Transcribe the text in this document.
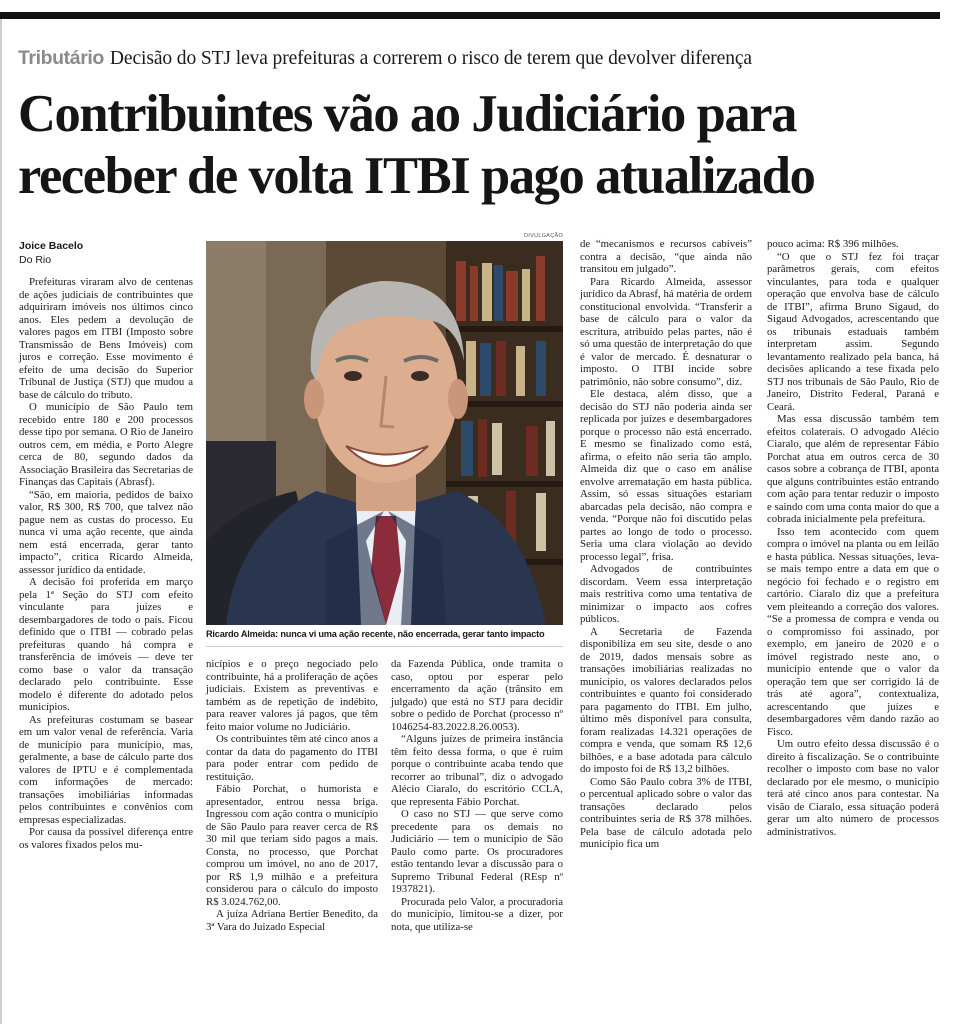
Tributário Decisão do STJ leva prefeituras a correrem o risco de terem que devolver diferença
Contribuintes vão ao Judiciário para receber de volta ITBI pago atualizado
Joice Bacelo
Do Rio

Prefeituras viraram alvo de centenas de ações judiciais de contribuintes que adquiriram imóveis nos últimos cinco anos. Eles pedem a devolução de valores pagos em ITBI (Imposto sobre Transmissão de Bens Imóveis) com juros e correção. Esse movimento é efeito de uma decisão do Superior Tribunal de Justiça (STJ) que mudou a base de cálculo do tributo.

O município de São Paulo tem recebido entre 180 e 200 processos desse tipo por semana. O Rio de Janeiro outros cem, em média, e Porto Alegre cerca de 80, segundo dados da Associação Brasileira das Secretarias de Finanças das Capitais (Abrasf).

“São, em maioria, pedidos de baixo valor, R$ 300, R$ 700, que talvez não pague nem as custas do processo. Eu nunca vi uma ação recente, que ainda nem está encerrada, gerar tanto impacto”, critica Ricardo Almeida, assessor jurídico da entidade.

A decisão foi proferida em março pela 1ª Seção do STJ com efeito vinculante para juízes e desembargadores de todo o país. Ficou definido que o ITBI — cobrado pelas prefeituras quando há compra e transferência de imóveis — deve ter como base o valor da transação declarado pelo contribuinte. Esse modelo é diferente do adotado pelos municípios.

As prefeituras costumam se basear em um valor venal de referência. Varia de município para município, mas, geralmente, a base de cálculo parte dos valores de IPTU e é complementada com informações de mercado: transações imobiliárias informadas pelos contribuintes e convênios com empresas especializadas.

Por causa da possível diferença entre os valores fixados pelos mu-

DIVULGAÇÃO
Ricardo Almeida: nunca vi uma ação recente, não encerrada, gerar tanto impacto

nicípios e o preço negociado pelo contribuinte, há a proliferação de ações judiciais. Existem as preventivas e também as de repetição de indébito, para reaver valores já pagos, que têm feito maior volume no Judiciário.

Os contribuintes têm até cinco anos a contar da data do pagamento do ITBI para poder entrar com pedido de restituição.

Fábio Porchat, o humorista e apresentador, entrou nessa briga. Ingressou com ação contra o município de São Paulo para reaver cerca de R$ 30 mil que teriam sido pagos a mais. Consta, no processo, que Porchat comprou um imóvel, no ano de 2017, por R$ 1,9 milhão e a prefeitura considerou para o cálculo do imposto R$ 3.024.762,00.

A juíza Adriana Bertier Benedito, da 3ª Vara do Juizado Especial

da Fazenda Pública, onde tramita o caso, optou por esperar pelo encerramento da ação (trânsito em julgado) que está no STJ para decidir sobre o pedido de Porchat (processo nº 1046254-83.2022.8.26.0053).

“Alguns juízes de primeira instância têm feito dessa forma, o que é ruim porque o contribuinte acaba tendo que recorrer ao tribunal”, diz o advogado Alécio Ciaralo, do escritório CCLA, que representa Fábio Porchat.

O caso no STJ — que serve como precedente para os demais no Judiciário — tem o município de São Paulo como parte. Os procuradores estão tentando levar a discussão para o Supremo Tribunal Federal (REsp nº 1937821).

Procurada pelo Valor, a procuradoria do município, limitou-se a dizer, por nota, que utiliza-se

de “mecanismos e recursos cabíveis” contra a decisão, “que ainda não transitou em julgado”.

Para Ricardo Almeida, assessor jurídico da Abrasf, há matéria de ordem constitucional envolvida. “Transferir a base de cálculo para o valor da escritura, atribuído pelas partes, não é só uma questão de interpretação do que é valor de mercado. É desnaturar o imposto. O ITBI incide sobre patrimônio, não sobre consumo”, diz.

Ele destaca, além disso, que a decisão do STJ não poderia ainda ser replicada por juízes e desembargadores porque o processo não está encerrado. E mesmo se finalizado como está, afirma, o efeito não seria tão amplo. Almeida diz que o caso em análise envolve arrematação em hasta pública. Assim, só essas situações estariam abarcadas pela decisão, não compra e venda. “Porque não foi discutido pelas partes ao longo de todo o processo. Seria uma clara violação ao devido processo legal”, frisa.

Advogados de contribuintes discordam. Veem essa interpretação mais restritiva como uma tentativa de minimizar o impacto aos cofres públicos.

A Secretaria de Fazenda disponibiliza em seu site, desde o ano de 2019, dados mensais sobre as transações imobiliárias realizadas no município, os valores declarados pelos contribuintes e quanto foi considerado para pagamento do ITBI. Em julho, último mês disponível para consulta, foram realizadas 14.321 operações de compra e venda, que somam R$ 12,6 bilhões, e a base adotada para cálculo do imposto foi de R$ 13,2 bilhões.

Como São Paulo cobra 3% de ITBI, o percentual aplicado sobre o valor das transações declarado pelos contribuintes seria de R$ 378 milhões. Pela base de cálculo adotada pelo município fica um

pouco acima: R$ 396 milhões.

“O que o STJ fez foi traçar parâmetros gerais, com efeitos vinculantes, para toda e qualquer operação que envolva base de cálculo de ITBI”, afirma Bruno Sigaud, do Sigaud Advogados, acrescentando que os tribunais estaduais também interpretam assim. Segundo levantamento realizado pela banca, há decisões aplicando a tese fixada pelo STJ nos tribunais de São Paulo, Rio de Janeiro, Distrito Federal, Paraná e Ceará.

Mas essa discussão também tem efeitos colaterais. O advogado Alécio Ciaralo, que além de representar Fábio Porchat atua em outros cerca de 30 casos sobre a cobrança de ITBI, aponta que alguns contribuintes estão entrando com ação para tentar reduzir o imposto e saindo com uma conta maior do que a cobrada inicialmente pela prefeitura.

Isso tem acontecido com quem compra o imóvel na planta ou em leilão e hasta pública. Nessas situações, leva-se mais tempo entre a data em que o negócio foi fechado e o registro em cartório. Ciaralo diz que a prefeitura vem pleiteando a correção dos valores. “Se a promessa de compra e venda ou o compromisso foi assinado, por exemplo, em janeiro de 2020 e o imóvel registrado neste ano, o município entende que o valor da operação tem que ser corrigido lá de trás até agora”, contextualiza, acrescentando que juízes e desembargadores vêm dando razão ao Fisco.

Um outro efeito dessa discussão é o direito à fiscalização. Se o contribuinte recolher o imposto com base no valor declarado por ele mesmo, o município terá até cinco anos para contestar. Na visão de Ciaralo, essa situação poderá gerar um alto número de processos administrativos.
